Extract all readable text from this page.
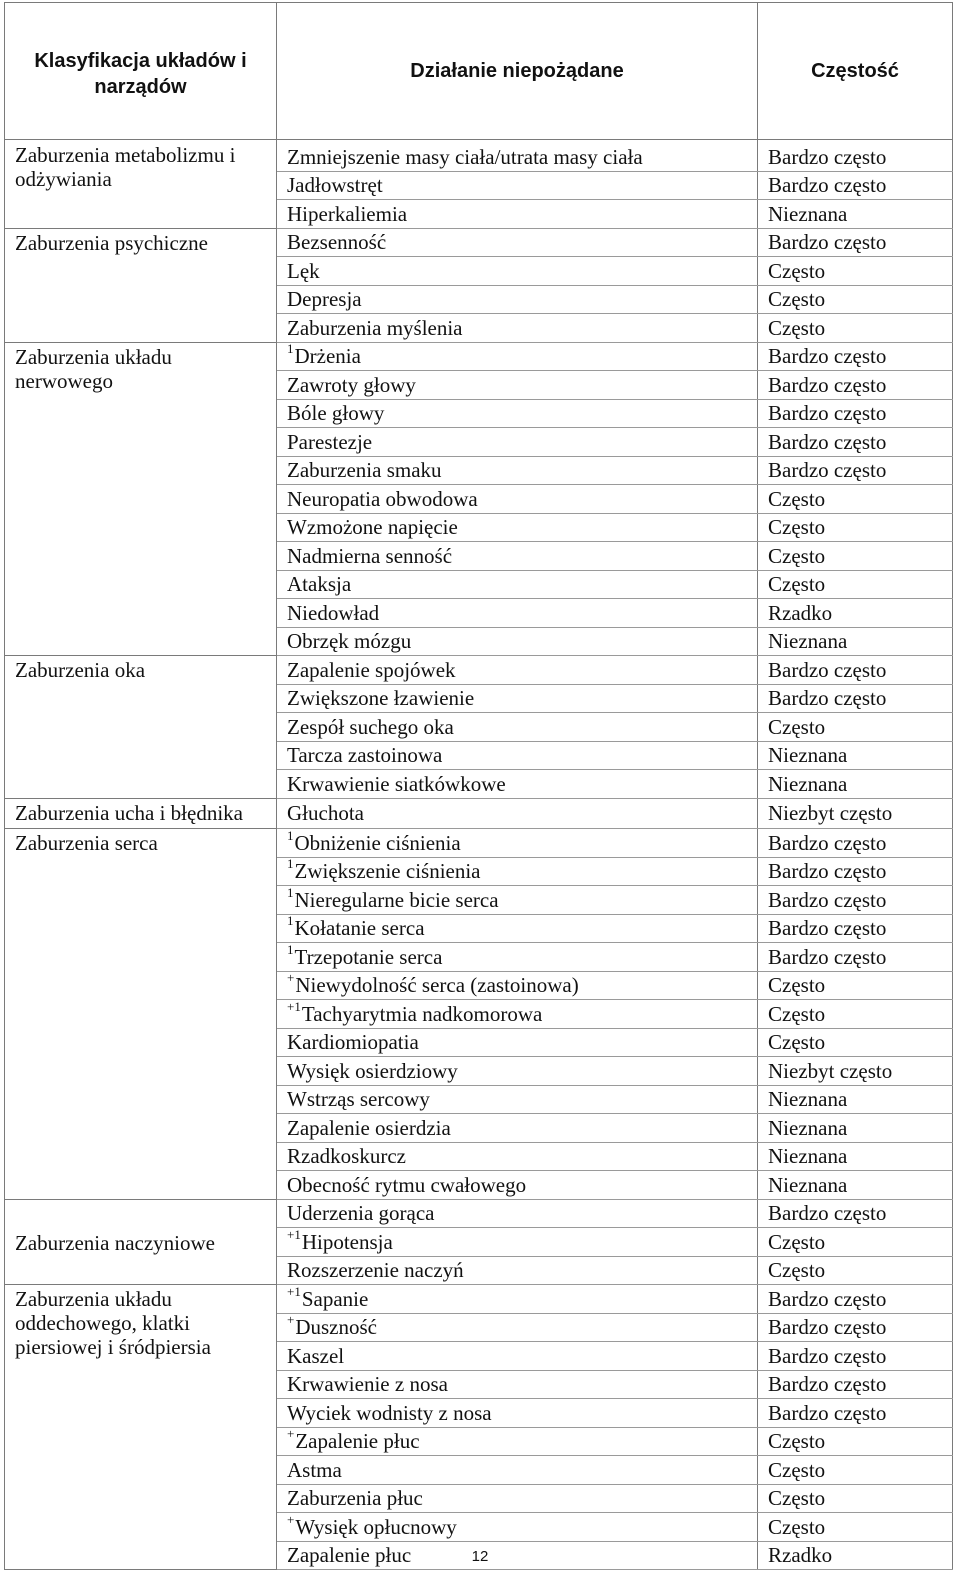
Klasyfikacja układów i narządów	Działanie niepożądane	Częstość
Zaburzenia metabolizmu i odżywiania	Zmniejszenie masy ciała/utrata masy ciała	Bardzo często
	Jadłowstręt	Bardzo często
	Hiperkaliemia	Nieznana
Zaburzenia psychiczne	Bezsenność	Bardzo często
	Lęk	Często
	Depresja	Często
	Zaburzenia myślenia	Często
Zaburzenia układu nerwowego	$^1$Drżenia	Bardzo często
	Zawroty głowy	Bardzo często
	Bóle głowy	Bardzo często
	Parestezje	Bardzo często
	Zaburzenia smaku	Bardzo często
	Neuropatia obwodowa	Często
	Wzmożone napięcie	Często
	Nadmierna senność	Często
	Ataksja	Często
	Niedowład	Rzadko
	Obrzęk mózgu	Nieznana
Zaburzenia oka	Zapalenie spojówek	Bardzo często
	Zwiększone łzawienie	Bardzo często
	Zespół suchego oka	Często
	Tarcza zastoinowa	Nieznana
	Krwawienie siatkówkowe	Nieznana
Zaburzenia ucha i błędnika	Głuchota	Niezbyt często
Zaburzenia serca	$^1$Obniżenie ciśnienia	Bardzo często
	$^1$Zwiększenie ciśnienia	Bardzo często
	$^1$Nieregularne bicie serca	Bardzo często
	$^1$Kołatanie serca	Bardzo często
	$^1$Trzepotanie serca	Bardzo często
	+Niewydolność serca (zastoinowa)	Często
	$^{+1}$Tachyarytmia nadkomorowa	Często
	Kardiomiopatia	Często
	Wysięk osierdziowy	Niezbyt często
	Wstrząs sercowy	Nieznana
	Zapalenie osierdzia	Nieznana
	Rzadkoskurcz	Nieznana
	Obecność rytmu cwałowego	Nieznana
Zaburzenia naczyniowe	Uderzenia gorąca	Bardzo często
	$^{+1}$Hipotensja	Często
	Rozszerzenie naczyń	Często
Zaburzenia układu oddechowego, klatki piersiowej i śródpiersia	$^{+1}$Sapanie	Bardzo często
	+Duszność	Bardzo często
	Kaszel	Bardzo często
	Krwawienie z nosa	Bardzo często
	Wyciek wodnisty z nosa	Bardzo często
	+Zapalenie płuc	Często
	Astma	Często
	Zaburzenia płuc	Często
	+Wysięk opłucnowy	Często
	Zapalenie płuc	Rzadko
12
